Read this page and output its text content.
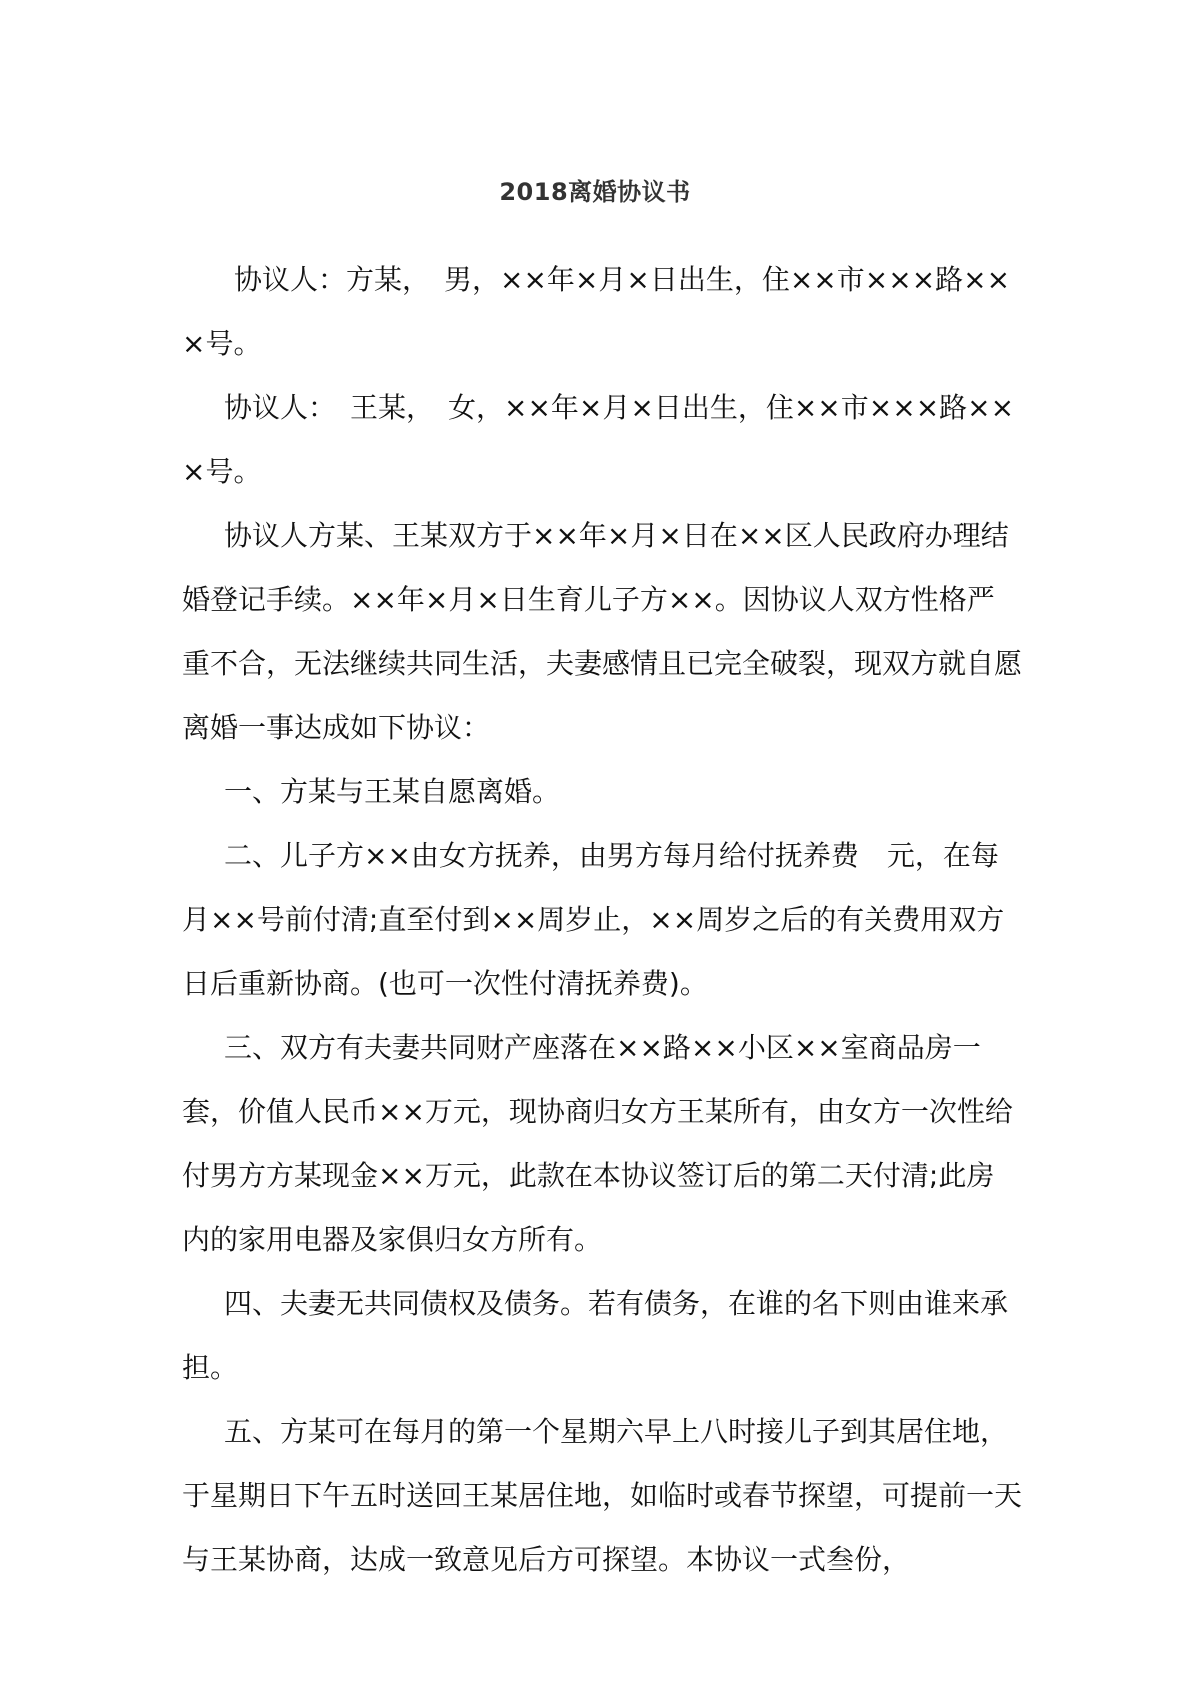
2018离婚协议书

协议人：方某，　男，××年×月×日出生，住××市×××路×××号。

协议人：　王某，　女，××年×月×日出生，住××市×××路×××号。

协议人方某、王某双方于××年×月×日在××区人民政府办理结婚登记手续。××年×月×日生育儿子方××。因协议人双方性格严重不合，无法继续共同生活，夫妻感情且已完全破裂，现双方就自愿离婚一事达成如下协议：

一、方某与王某自愿离婚。

二、儿子方××由女方抚养，由男方每月给付抚养费　元，在每月××号前付清;直至付到××周岁止，××周岁之后的有关费用双方日后重新协商。(也可一次性付清抚养费)。

三、双方有夫妻共同财产座落在××路××小区××室商品房一套，价值人民币××万元，现协商归女方王某所有，由女方一次性给付男方方某现金××万元，此款在本协议签订后的第二天付清;此房内的家用电器及家俱归女方所有。

四、夫妻无共同债权及债务。若有债务，在谁的名下则由谁来承担。

五、方某可在每月的第一个星期六早上八时接儿子到其居住地，于星期日下午五时送回王某居住地，如临时或春节探望，可提前一天与王某协商，达成一致意见后方可探望。本协议一式叁份，
